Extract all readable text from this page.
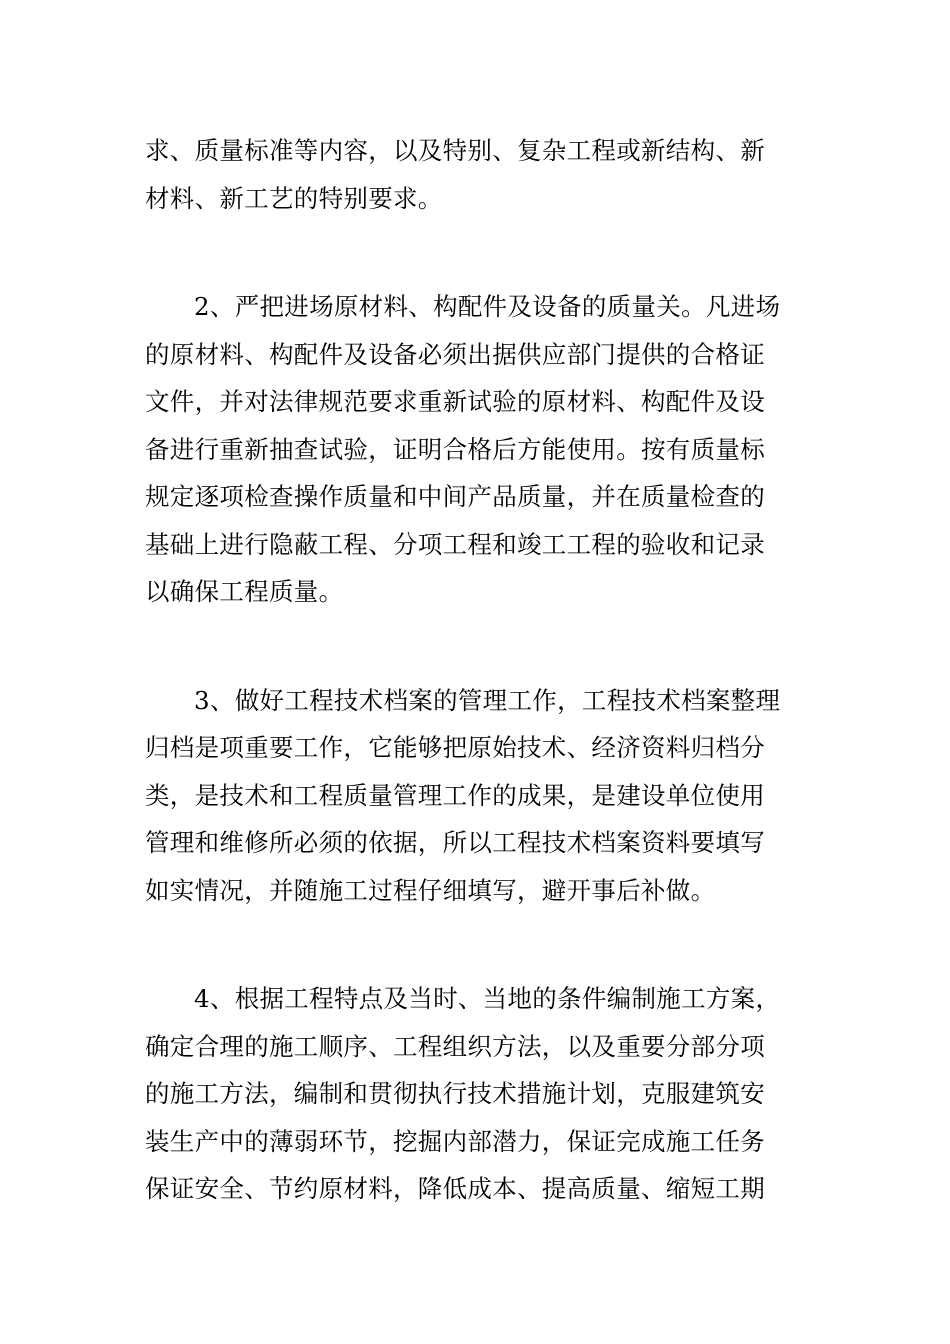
求、质量标准等内容，以及特别、复杂工程或新结构、新
材料、新工艺的特别要求。

2、严把进场原材料、构配件及设备的质量关。凡进场
的原材料、构配件及设备必须出据供应部门提供的合格证
文件，并对法律规范要求重新试验的原材料、构配件及设
备进行重新抽查试验，证明合格后方能使用。按有质量标
规定逐项检查操作质量和中间产品质量，并在质量检查的
基础上进行隐蔽工程、分项工程和竣工工程的验收和记录
以确保工程质量。

3、做好工程技术档案的管理工作，工程技术档案整理
归档是项重要工作，它能够把原始技术、经济资料归档分
类，是技术和工程质量管理工作的成果，是建设单位使用
管理和维修所必须的依据，所以工程技术档案资料要填写
如实情况，并随施工过程仔细填写，避开事后补做。

4、根据工程特点及当时、当地的条件编制施工方案，
确定合理的施工顺序、工程组织方法，以及重要分部分项
的施工方法，编制和贯彻执行技术措施计划，克服建筑安
装生产中的薄弱环节，挖掘内部潜力，保证完成施工任务
保证安全、节约原材料，降低成本、提高质量、缩短工期
